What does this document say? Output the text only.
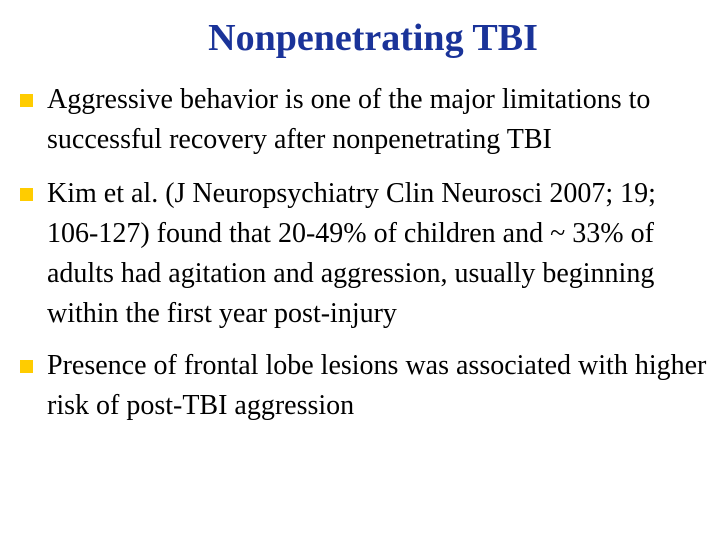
Nonpenetrating TBI
Aggressive behavior is one of the major limitations to successful recovery after nonpenetrating TBI
Kim et al. (J Neuropsychiatry Clin Neurosci 2007; 19; 106-127) found that 20-49% of children and ~ 33% of adults had agitation and aggression, usually beginning within the first year post-injury
Presence of frontal lobe lesions was associated with higher risk of post-TBI aggression
